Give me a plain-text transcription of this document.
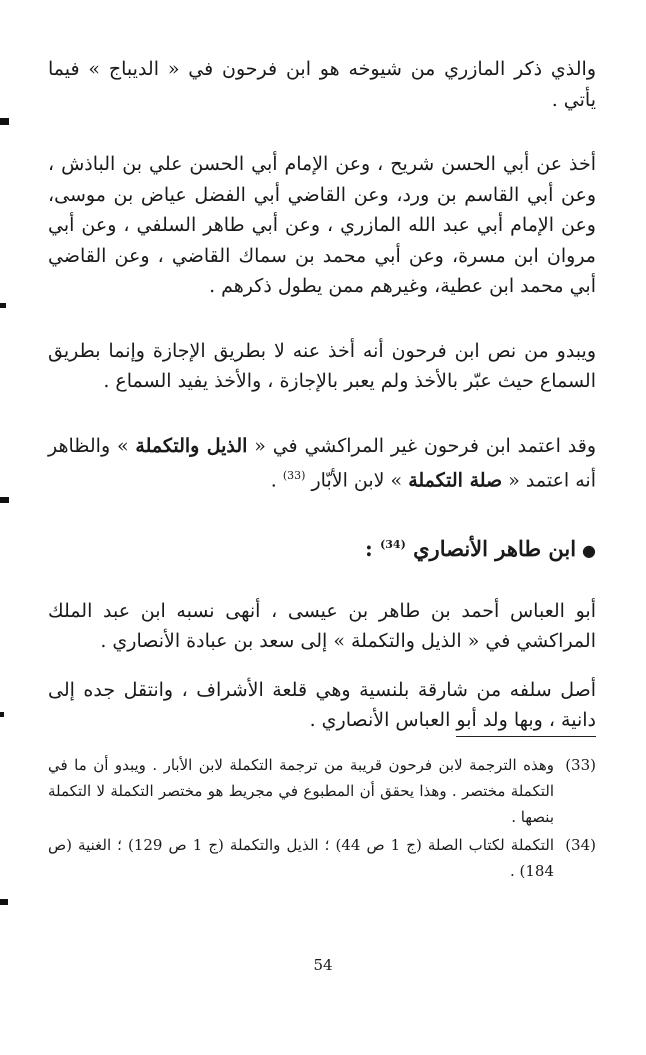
والذي ذكر المازري من شيوخه هو ابن فرحون في « الديباج » فيما يأتي .

أخذ عن أبي الحسن شريح ، وعن الإمام أبي الحسن علي بن الباذش ، وعن أبي القاسم بن ورد، وعن القاضي أبي الفضل عياض بن موسى، وعن الإمام أبي عبد الله المازري ، وعن أبي طاهر السلفي ، وعن أبي مروان ابن مسرة، وعن أبي محمد بن سماك القاضي ، وعن القاضي أبي محمد ابن عطية، وغيرهم ممن يطول ذكرهم .

ويبدو من نص ابن فرحون أنه أخذ عنه لا بطريق الإجازة وإنما بطريق السماع حيث عبّر بالأخذ ولم يعبر بالإجازة ، والأخذ يفيد السماع .

وقد اعتمد ابن فرحون غير المراكشي في « الذيل والتكملة » والظاهر أنه اعتمد « صلة التكملة » لابن الأبّار $^{(33)}$ .

●ابن طاهر الأنصاري $^{(34)}$ :

أبو العباس أحمد بن طاهر بن عيسى ، أنهى نسبه ابن عبد الملك المراكشي في « الذيل والتكملة » إلى سعد بن عبادة الأنصاري .

أصل سلفه من شارقة بلنسية وهي قلعة الأشراف ، وانتقل جده إلى دانية ، وبها ولد أبو العباس الأنصاري .

(33)
وهذه الترجمة لابن فرحون قريبة من ترجمة التكملة لابن الأبار . ويبدو أن ما في التكملة مختصر . وهذا يحقق أن المطبوع في مجريط هو مختصر التكملة لا التكملة بنصها .
(34)
التكملة لكتاب الصلة (ج 1 ص 44) ؛ الذيل والتكملة (ج 1 ص 129) ؛ الغنية (ص 184) .
54
